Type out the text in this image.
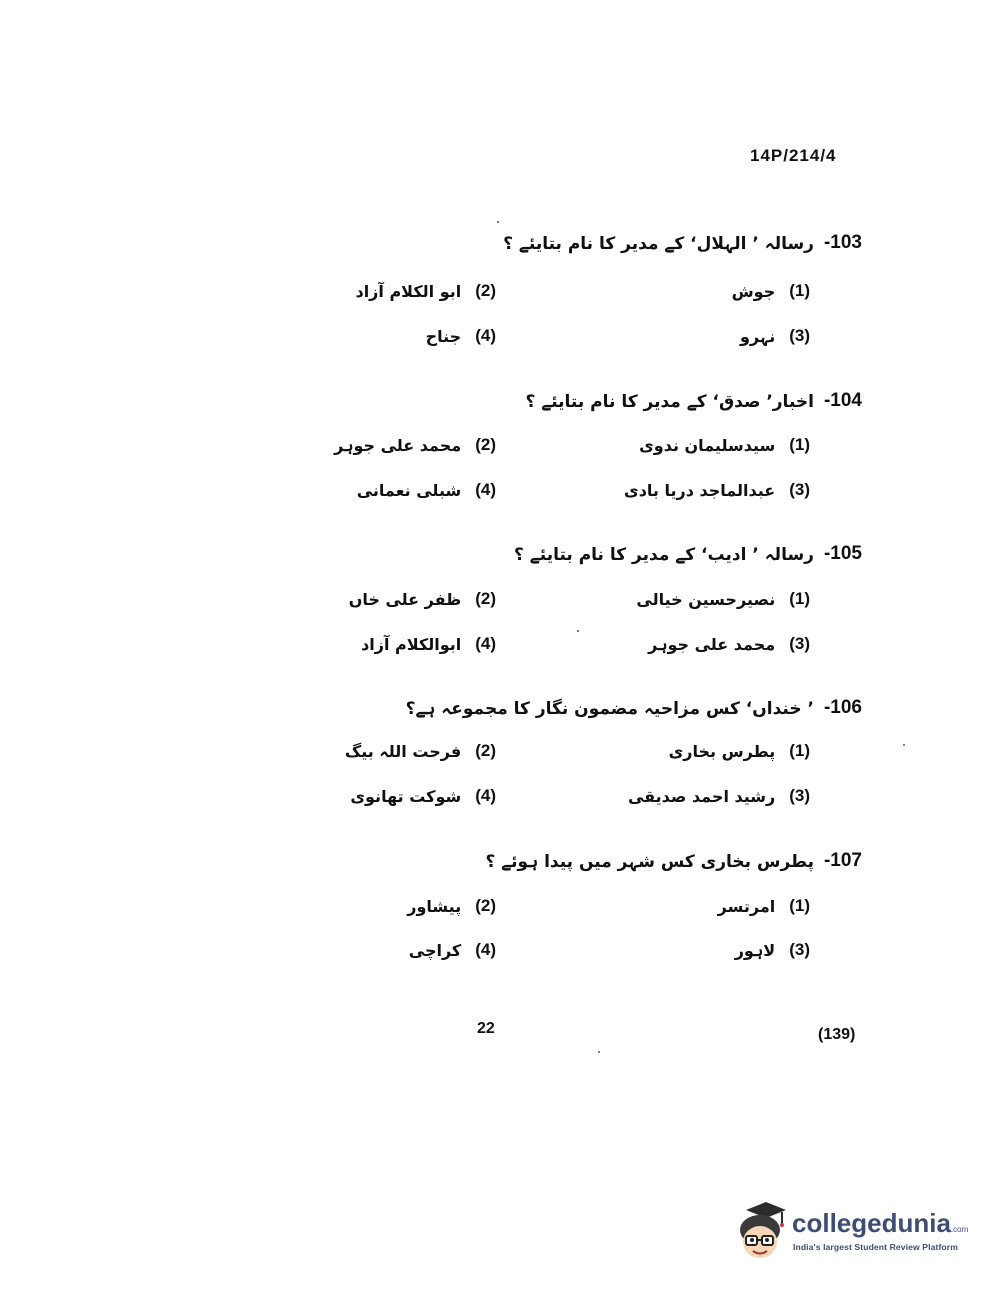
14P/214/4
-103
رسالہ ’ الہلال‘ کے مدیر کا نام بتایئے ؟
(1)
جوش
(2)
ابو الکلام آزاد
(3)
نہرو
(4)
جناح
-104
اخبار’ صدق‘ کے مدیر کا نام بتایئے ؟
(1)
سیدسلیمان ندوی
(2)
محمد علی جوہر
(3)
عبدالماجد دریا بادی
(4)
شبلی نعمانی
-105
رسالہ ’ ادیب‘ کے مدیر کا نام بتایئے ؟
(1)
نصیرحسین خیالی
(2)
ظفر علی خاں
(3)
محمد علی جوہر
(4)
ابوالکلام آزاد
-106
’ خنداں‘ کس مزاحیہ مضمون نگار کا مجموعہ ہے؟
(1)
پطرس بخاری
(2)
فرحت اللہ بیگ
(3)
رشید احمد صدیقی
(4)
شوکت تھانوی
-107
پطرس بخاری کس شہر میں پیدا ہوئے ؟
(1)
امرتسر
(2)
پیشاور
(3)
لاہور
(4)
کراچی
22	(139)
collegedunia.com
India's largest Student Review Platform
